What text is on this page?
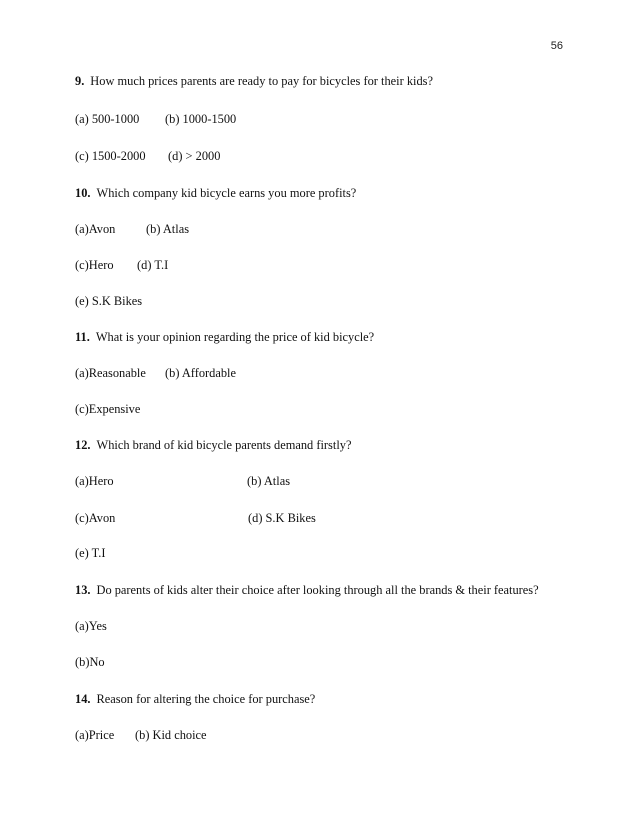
56
9. How much prices parents are ready to pay for bicycles for their kids?
(a) 500-1000 (b) 1000-1500
(c) 1500-2000 (d) > 2000
10. Which company kid bicycle earns you more profits?
(a)Avon (b) Atlas
(c)Hero (d) T.I
(e) S.K Bikes
11. What is your opinion regarding the price of kid bicycle?
(a)Reasonable (b) Affordable
(c)Expensive
12. Which brand of kid bicycle parents demand firstly?
(a)Hero	(b) Atlas
(c)Avon	(d) S.K Bikes
(e) T.I
13. Do parents of kids alter their choice after looking through all the brands & their features?
(a)Yes
(b)No
14. Reason for altering the choice for purchase?
(a)Price (b) Kid choice
